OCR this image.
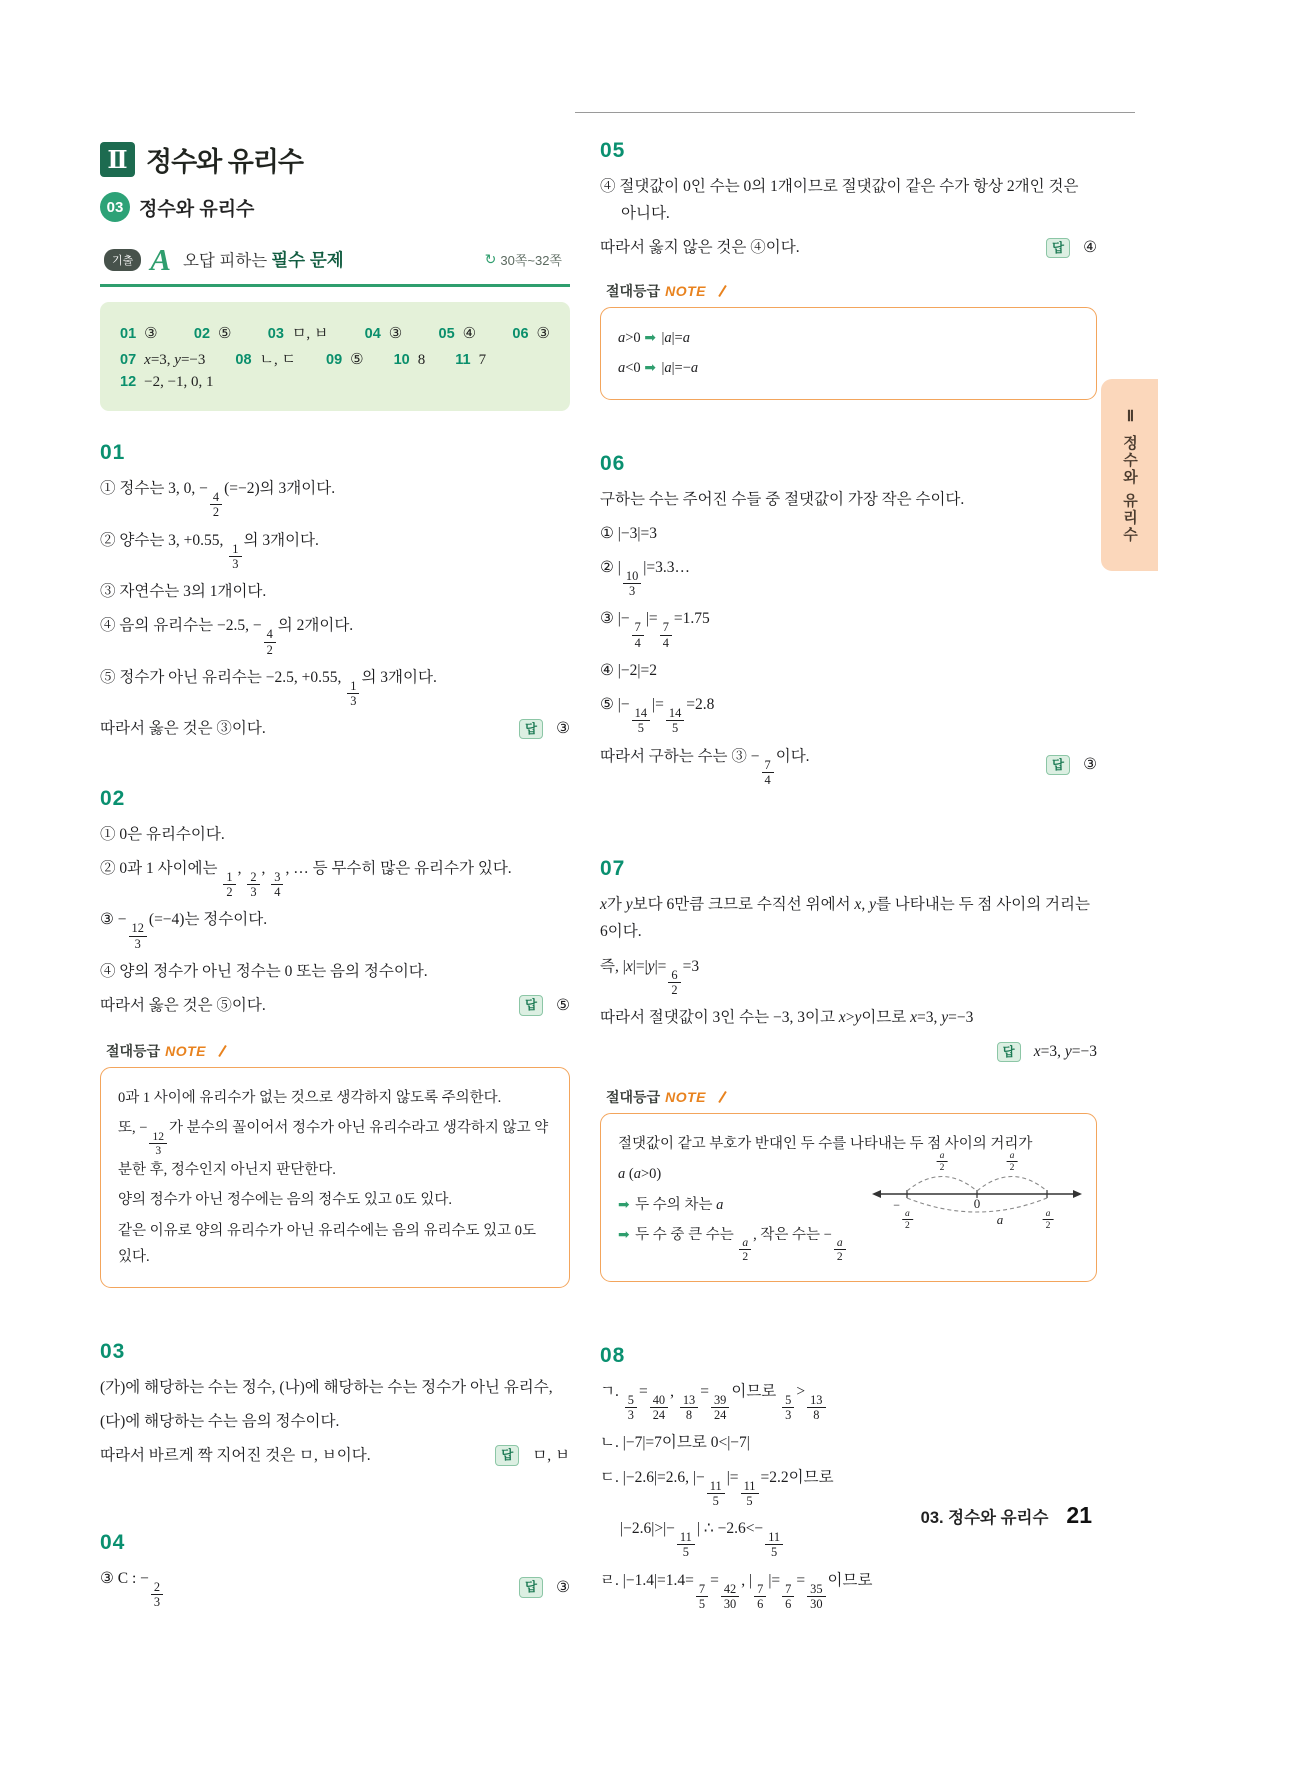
Ⅱ 정수와 유리수
03 정수와 유리수
기출 A 오답 피하는 필수 문제	↻ 30쪽~32쪽
01 ③	02 ⑤	03 ㅁ, ㅂ	04 ③	05 ④	06 ③
07 x=3, y=−3 08 ㄴ, ㄷ 09 ⑤ 10 8 11 7
12 −2, −1, 0, 1
01

① 정수는 3, 0, −
$\frac{4}{2}$
(=−2)의 3개이다.

② 양수는 3, +0.55,
$\frac{1}{3}$
의 3개이다.

③ 자연수는 3의 1개이다.

④ 음의 유리수는 −2.5, −
$\frac{4}{2}$
의 2개이다.

⑤ 정수가 아닌 유리수는 −2.5, +0.55,
$\frac{1}{3}$
의 3개이다.

따라서 옳은 것은 ③이다.	답	③
02

① 0은 유리수이다.

② 0과 1 사이에는
$\frac{1}{2}$
,
$\frac{2}{3}$
,
$\frac{3}{4}$
, … 등 무수히 많은 유리수가 있다.

③ −
$\frac{12}{3}$
(=−4)는 정수이다.

④ 양의 정수가 아닌 정수는 0 또는 음의 정수이다.

따라서 옳은 것은 ⑤이다.	답	⑤
절대등급 NOTE

0과 1 사이에 유리수가 없는 것으로 생각하지 않도록 주의한다.

또, −
$\frac{12}{3}$
가 분수의 꼴이어서 정수가 아닌 유리수라고 생각하지 않고 약분한 후, 정수인지 아닌지 판단한다.

양의 정수가 아닌 정수에는 음의 정수도 있고 0도 있다.

같은 이유로 양의 유리수가 아닌 유리수에는 음의 유리수도 있고 0도 있다.

03

(가)에 해당하는 수는 정수, (나)에 해당하는 수는 정수가 아닌 유리수,

(다)에 해당하는 수는 음의 정수이다.

따라서 바르게 짝 지어진 것은 ㅁ, ㅂ이다.	답	ㅁ, ㅂ
04
③ C : −
$\frac{2}{3}$	답	③
05

④ 절댓값이 0인 수는 0의 1개이므로 절댓값이 같은 수가 항상 2개인 것은 아니다.

따라서 옳지 않은 것은 ④이다.	답	④
절대등급 NOTE

a>0 ➡ |a|=a

a<0 ➡ |a|=−a

06

구하는 수는 주어진 수들 중 절댓값이 가장 작은 수이다.

① |−3|=3

② |
$\frac{10}{3}$
|=3.3…

③ |−
$\frac{7}{4}$
|=
$\frac{7}{4}$
=1.75

④ |−2|=2

⑤ |−
$\frac{14}{5}$
|=
$\frac{14}{5}$
=2.8

따라서 구하는 수는 ③ −
$\frac{7}{4}$
이다.
답	③
07

x가 y보다 6만큼 크므로 수직선 위에서 x, y를 나타내는 두 점 사이의 거리는 6이다.

즉, |x|=|y|=
$\frac{6}{2}$
=3

따라서 절댓값이 3인 수는 −3, 3이고 x>y이므로 x=3, y=−3

답	x=3, y=−3
절대등급 NOTE

절댓값이 같고 부호가 반대인 두 수를 나타내는 두 점 사이의 거리가

a (a>0)

➡ 두 수의 차는 a

➡ 두 수 중 큰 수는
$\frac{a}{2}$
, 작은 수는 −
$\frac{a}{2}$

$\frac{a}{2}$	$\frac{a}{2}$
−
$\frac{a}{2}$
0
a	$\frac{a}{2}$
08

ㄱ.
$\frac{5}{3}$
=
$\frac{40}{24}$
,
$\frac{13}{8}$
=
$\frac{39}{24}$
이므로
$\frac{5}{3}$
>
$\frac{13}{8}$

ㄴ. |−7|=7이므로 0<|−7|

ㄷ. |−2.6|=2.6, |−
$\frac{11}{5}$
|=
$\frac{11}{5}$
=2.2이므로

|−2.6|>|−
$\frac{11}{5}$
| ∴ −2.6<−
$\frac{11}{5}$

ㄹ. |−1.4|=1.4=
$\frac{7}{5}$
=
$\frac{42}{30}$
, |
$\frac{7}{6}$
|=
$\frac{7}{6}$
=
$\frac{35}{30}$
이므로

Ⅱ
정수와 유리수
03. 정수와 유리수 21
